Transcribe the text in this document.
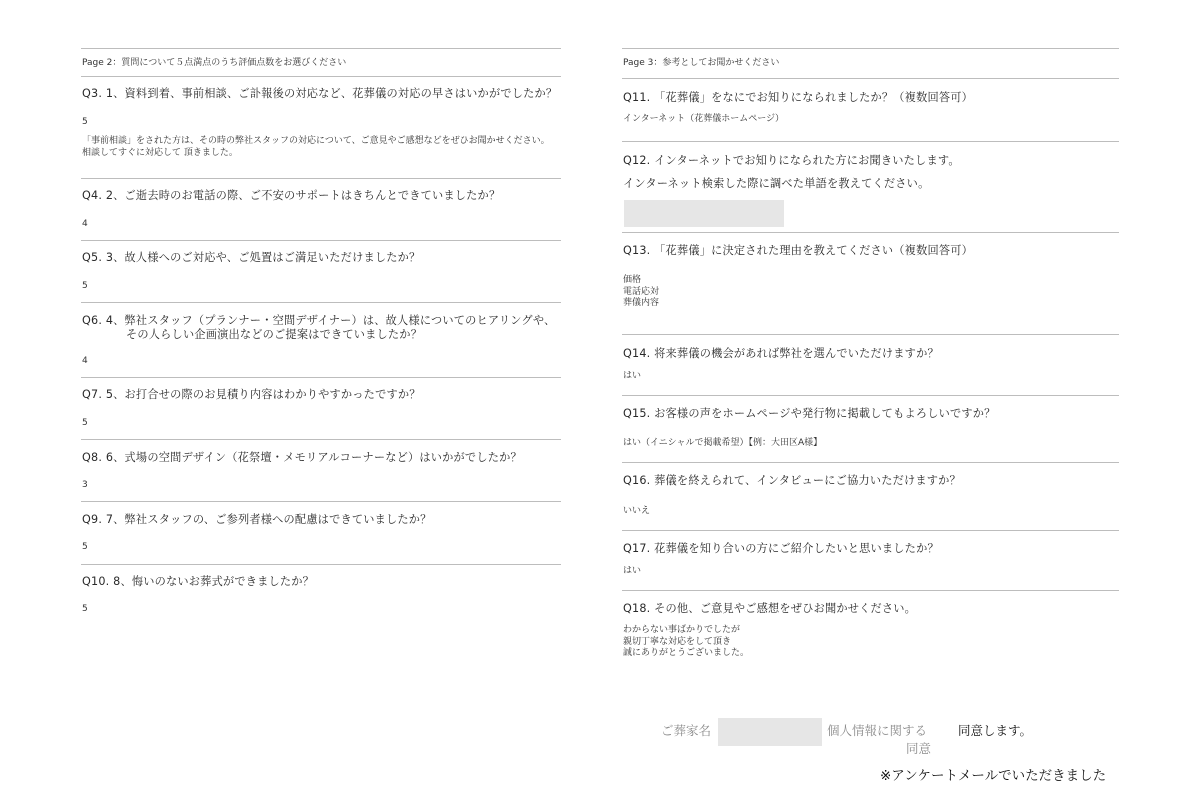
Page 2：質問について５点満点のうち評価点数をお選びください
Q3. 1、資料到着、事前相談、ご訃報後の対応など、花葬儀の対応の早さはいかがでしたか？
5
「事前相談」をされた方は、その時の弊社スタッフの対応について、ご意見やご感想などをぜひお聞かせください。
相談してすぐに対応して 頂きました。
Q4. 2、ご逝去時のお電話の際、ご不安のサポートはきちんとできていましたか？
4
Q5. 3、故人様へのご対応や、ご処置はご満足いただけましたか？
5
Q6. 4、弊社スタッフ（プランナー・空間デザイナー）は、故人様についてのヒアリングや、
その人らしい企画演出などのご提案はできていましたか？
4
Q7. 5、お打合せの際のお見積り内容はわかりやすかったですか？
5
Q8. 6、式場の空間デザイン（花祭壇・メモリアルコーナーなど）はいかがでしたか？
3
Q9. 7、弊社スタッフの、ご参列者様への配慮はできていましたか？
5
Q10. 8、悔いのないお葬式ができましたか？
5
Page 3：参考としてお聞かせください
Q11. 「花葬儀」をなにでお知りになられましたか？（複数回答可）
インターネット（花葬儀ホームページ）
Q12. インターネットでお知りになられた方にお聞きいたします。
インターネット検索した際に調べた単語を教えてください。
Q13. 「花葬儀」に決定された理由を教えてください（複数回答可）
価格
電話応対
葬儀内容
Q14. 将来葬儀の機会があれば弊社を選んでいただけますか？
はい
Q15. お客様の声をホームページや発行物に掲載してもよろしいですか？
はい（イニシャルで掲載希望）【例：大田区A様】
Q16. 葬儀を終えられて、インタビューにご協力いただけますか？
いいえ
Q17. 花葬儀を知り合いの方にご紹介したいと思いましたか？
はい
Q18. その他、ご意見やご感想をぜひお聞かせください。
わからない事ばかりでしたが
親切丁寧な対応をして頂き
誠にありがとうございました。
ご葬家名	個人情報に関する
同意
同意します。
※アンケートメールでいただきました
